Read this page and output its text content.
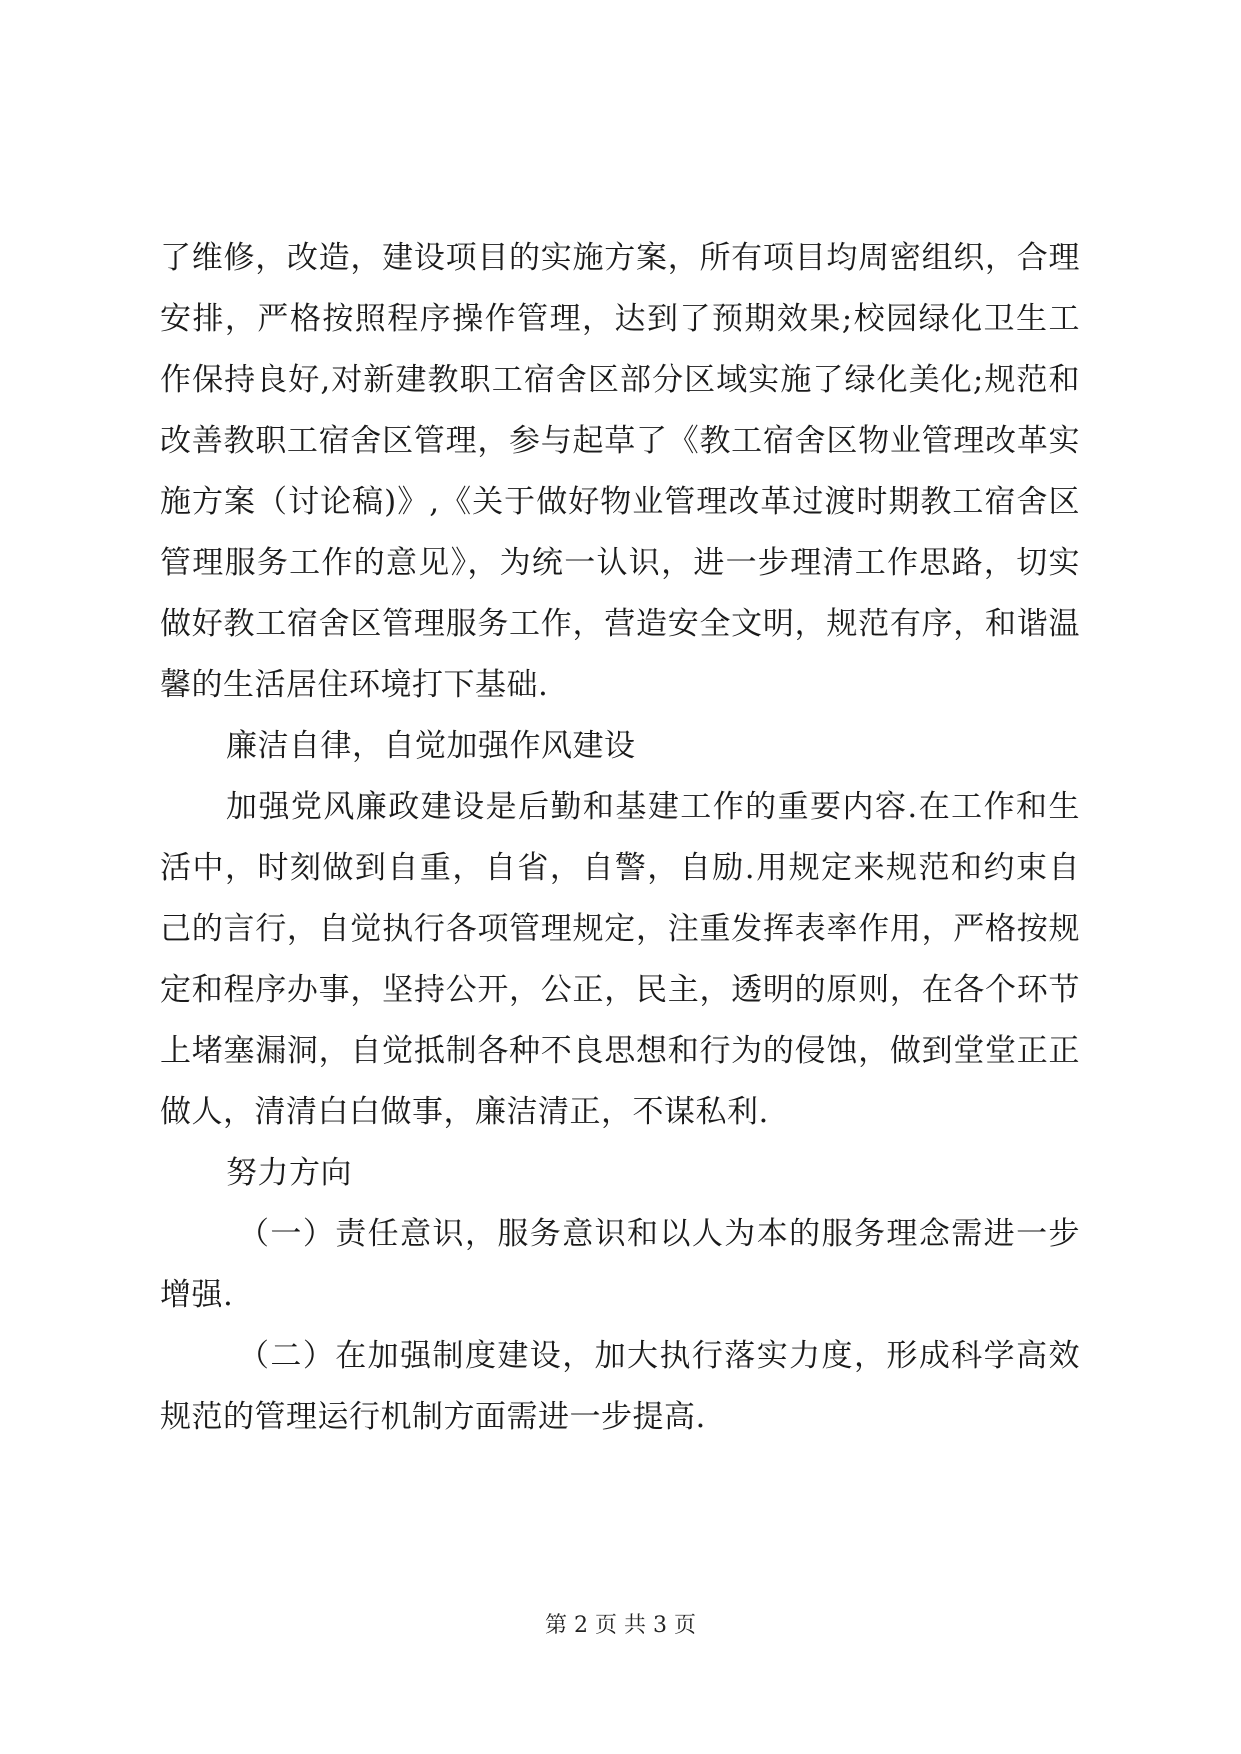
了维修，改造，建设项目的实施方案，所有项目均周密组织，合理安排，严格按照程序操作管理，达到了预期效果;校园绿化卫生工作保持良好,对新建教职工宿舍区部分区域实施了绿化美化;规范和改善教职工宿舍区管理，参与起草了《教工宿舍区物业管理改革实施方案（讨论稿)》,《关于做好物业管理改革过渡时期教工宿舍区管理服务工作的意见》，为统一认识，进一步理清工作思路，切实做好教工宿舍区管理服务工作，营造安全文明，规范有序，和谐温馨的生活居住环境打下基础.

廉洁自律，自觉加强作风建设

加强党风廉政建设是后勤和基建工作的重要内容.在工作和生活中，时刻做到自重，自省，自警，自励.用规定来规范和约束自己的言行，自觉执行各项管理规定，注重发挥表率作用，严格按规定和程序办事，坚持公开，公正，民主，透明的原则，在各个环节上堵塞漏洞，自觉抵制各种不良思想和行为的侵蚀，做到堂堂正正做人，清清白白做事，廉洁清正，不谋私利.

努力方向

（一）责任意识，服务意识和以人为本的服务理念需进一步增强.

（二）在加强制度建设，加大执行落实力度，形成科学高效规范的管理运行机制方面需进一步提高.

第 2 页 共 3 页
